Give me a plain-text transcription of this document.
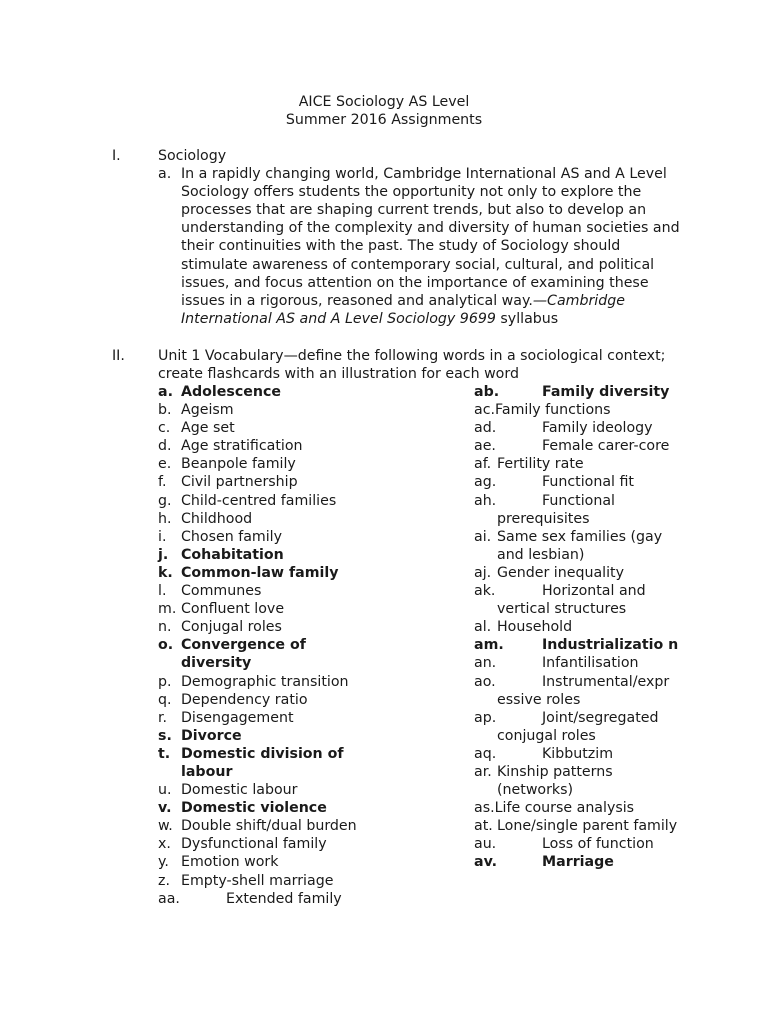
AICE Sociology AS Level
Summer 2016 Assignments
I.	Sociology
a. In a rapidly changing world, Cambridge International AS and A Level Sociology offers students the opportunity not only to explore the processes that are shaping current trends, but also to develop an understanding of the complexity and diversity of human societies and their continuities with the past. The study of Sociology should stimulate awareness of contemporary social, cultural, and political issues, and focus attention on the importance of examining these issues in a rigorous, reasoned and analytical way.—Cambridge International AS and A Level Sociology 9699 syllabus
II. Unit 1 Vocabulary—define the following words in a sociological context; create flashcards with an illustration for each word
a. Adolescence
b. Ageism
c. Age set
d. Age stratification
e. Beanpole family
f.	Civil partnership
g. Child-centred families
h. Childhood
i.	Chosen family
j. Cohabitation
k. Common-law family
l.	Communes
m. Confluent love
n. Conjugal roles
o. Convergence of diversity
p. Demographic transition
q. Dependency ratio
r. Disengagement
s. Divorce
t. Domestic division of labour
u. Domestic labour
v. Domestic violence
w. Double shift/dual burden
x. Dysfunctional family
y. Emotion work
z. Empty-shell marriage
aa.	Extended family
ab.	Family diversity
ac.Family functions
ad.	Family ideology
ae.	Female carer-core
af. Fertility rate
ag.	Functional fit
ah.	Functional prerequisites
ai. Same sex families (gay and lesbian)
aj. Gender inequality
ak.	Horizontal and vertical structures
al. Household
am.	Industrializatio n
an.	Infantilisation
ao.	Instrumental/expr essive roles
ap.	Joint/segregated conjugal roles
aq.	Kibbutzim
ar. Kinship patterns (networks)
as.Life course analysis
at. Lone/single parent family
au.	Loss of function
av.	Marriage
